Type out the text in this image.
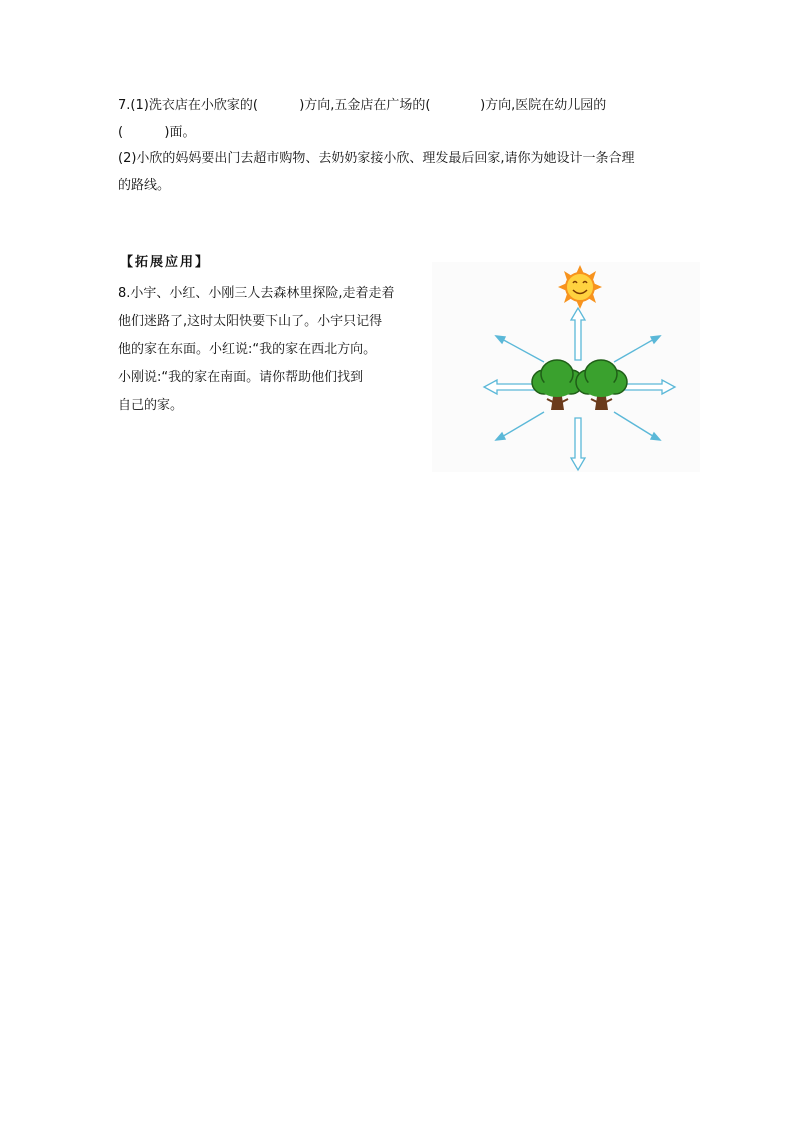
7.(1)洗衣店在小欣家的(          )方向,五金店在广场的(            )方向,医院在幼儿园的
(          )面。
(2)小欣的妈妈要出门去超市购物、去奶奶家接小欣、理发最后回家,请你为她设计一条合理
的路线。
【拓展应用】
8.小宇、小红、小刚三人去森林里探险,走着走着
他们迷路了,这时太阳快要下山了。小宇只记得
他的家在东面。小红说:“我的家在西北方向。
小刚说:“我的家在南面。请你帮助他们找到
自己的家。
